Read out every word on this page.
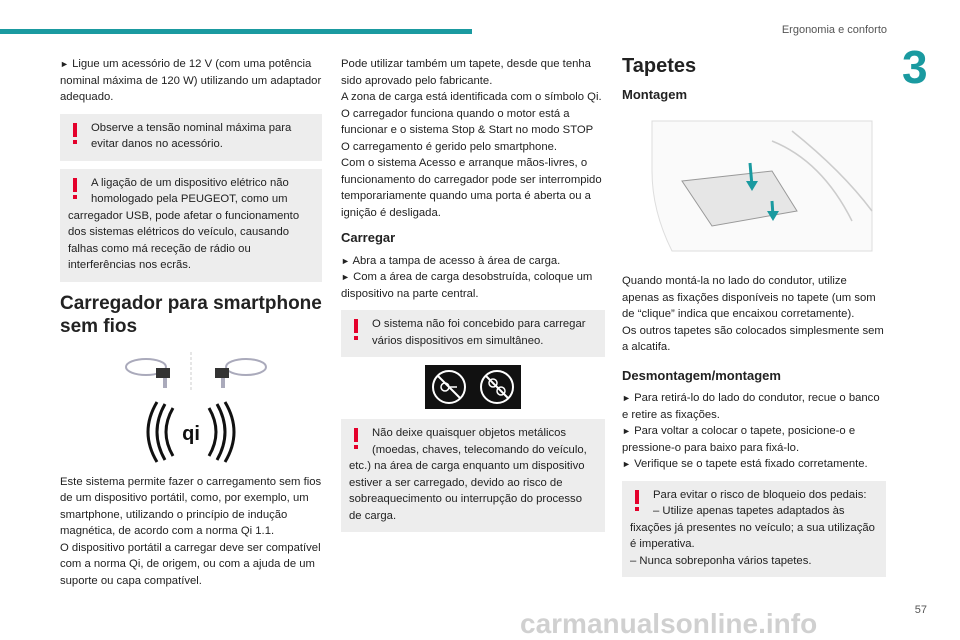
Ergonomia e conforto
3

► Ligue um acessório de 12 V (com uma potência nominal máxima de 120 W) utilizando um adaptador adequado.

Observe a tensão nominal máxima para evitar danos no acessório.

A ligação de um dispositivo elétrico não homologado pela PEUGEOT, como um

carregador USB, pode afetar o funcionamento dos sistemas elétricos do veículo, causando falhas como má receção de rádio ou interferências nos ecrãs.

Carregador para smartphone sem fios
qi

Este sistema permite fazer o carregamento sem fios de um dispositivo portátil, como, por exemplo, um smartphone, utilizando o princípio de indução magnética, de acordo com a norma Qi 1.1.

O dispositivo portátil a carregar deve ser compatível com a norma Qi, de origem, ou com a ajuda de um suporte ou capa compatível.

Pode utilizar também um tapete, desde que tenha sido aprovado pelo fabricante.

A zona de carga está identificada com o símbolo Qi.

O carregador funciona quando o motor está a funcionar e o sistema Stop & Start no modo STOP

O carregamento é gerido pelo smartphone.

Com o sistema Acesso e arranque mãos-livres, o funcionamento do carregador pode ser interrompido temporariamente quando uma porta é aberta ou a ignição é desligada.

Carregar

► Abra a tampa de acesso à área de carga.

► Com a área de carga desobstruída, coloque um dispositivo na parte central.

O sistema não foi concebido para carregar vários dispositivos em simultâneo.

Não deixe quaisquer objetos metálicos (moedas, chaves, telecomando do veículo,

etc.) na área de carga enquanto um dispositivo estiver a ser carregado, devido ao risco de sobreaquecimento ou interrupção do processo de carga.

Tapetes
Montagem

Quando montá-la no lado do condutor, utilize apenas as fixações disponíveis no tapete (um som de “clique” indica que encaixou corretamente).

Os outros tapetes são colocados simplesmente sem a alcatifa.

Desmontagem/montagem

► Para retirá-lo do lado do condutor, recue o banco e retire as fixações.

► Para voltar a colocar o tapete, posicione-o e pressione-o para baixo para fixá-lo.

► Verifique se o tapete está fixado corretamente.

Para evitar o risco de bloqueio dos pedais:

– Utilize apenas tapetes adaptados às

fixações já presentes no veículo; a sua utilização é imperativa.

– Nunca sobreponha vários tapetes.

carmanualsonline.info	57
